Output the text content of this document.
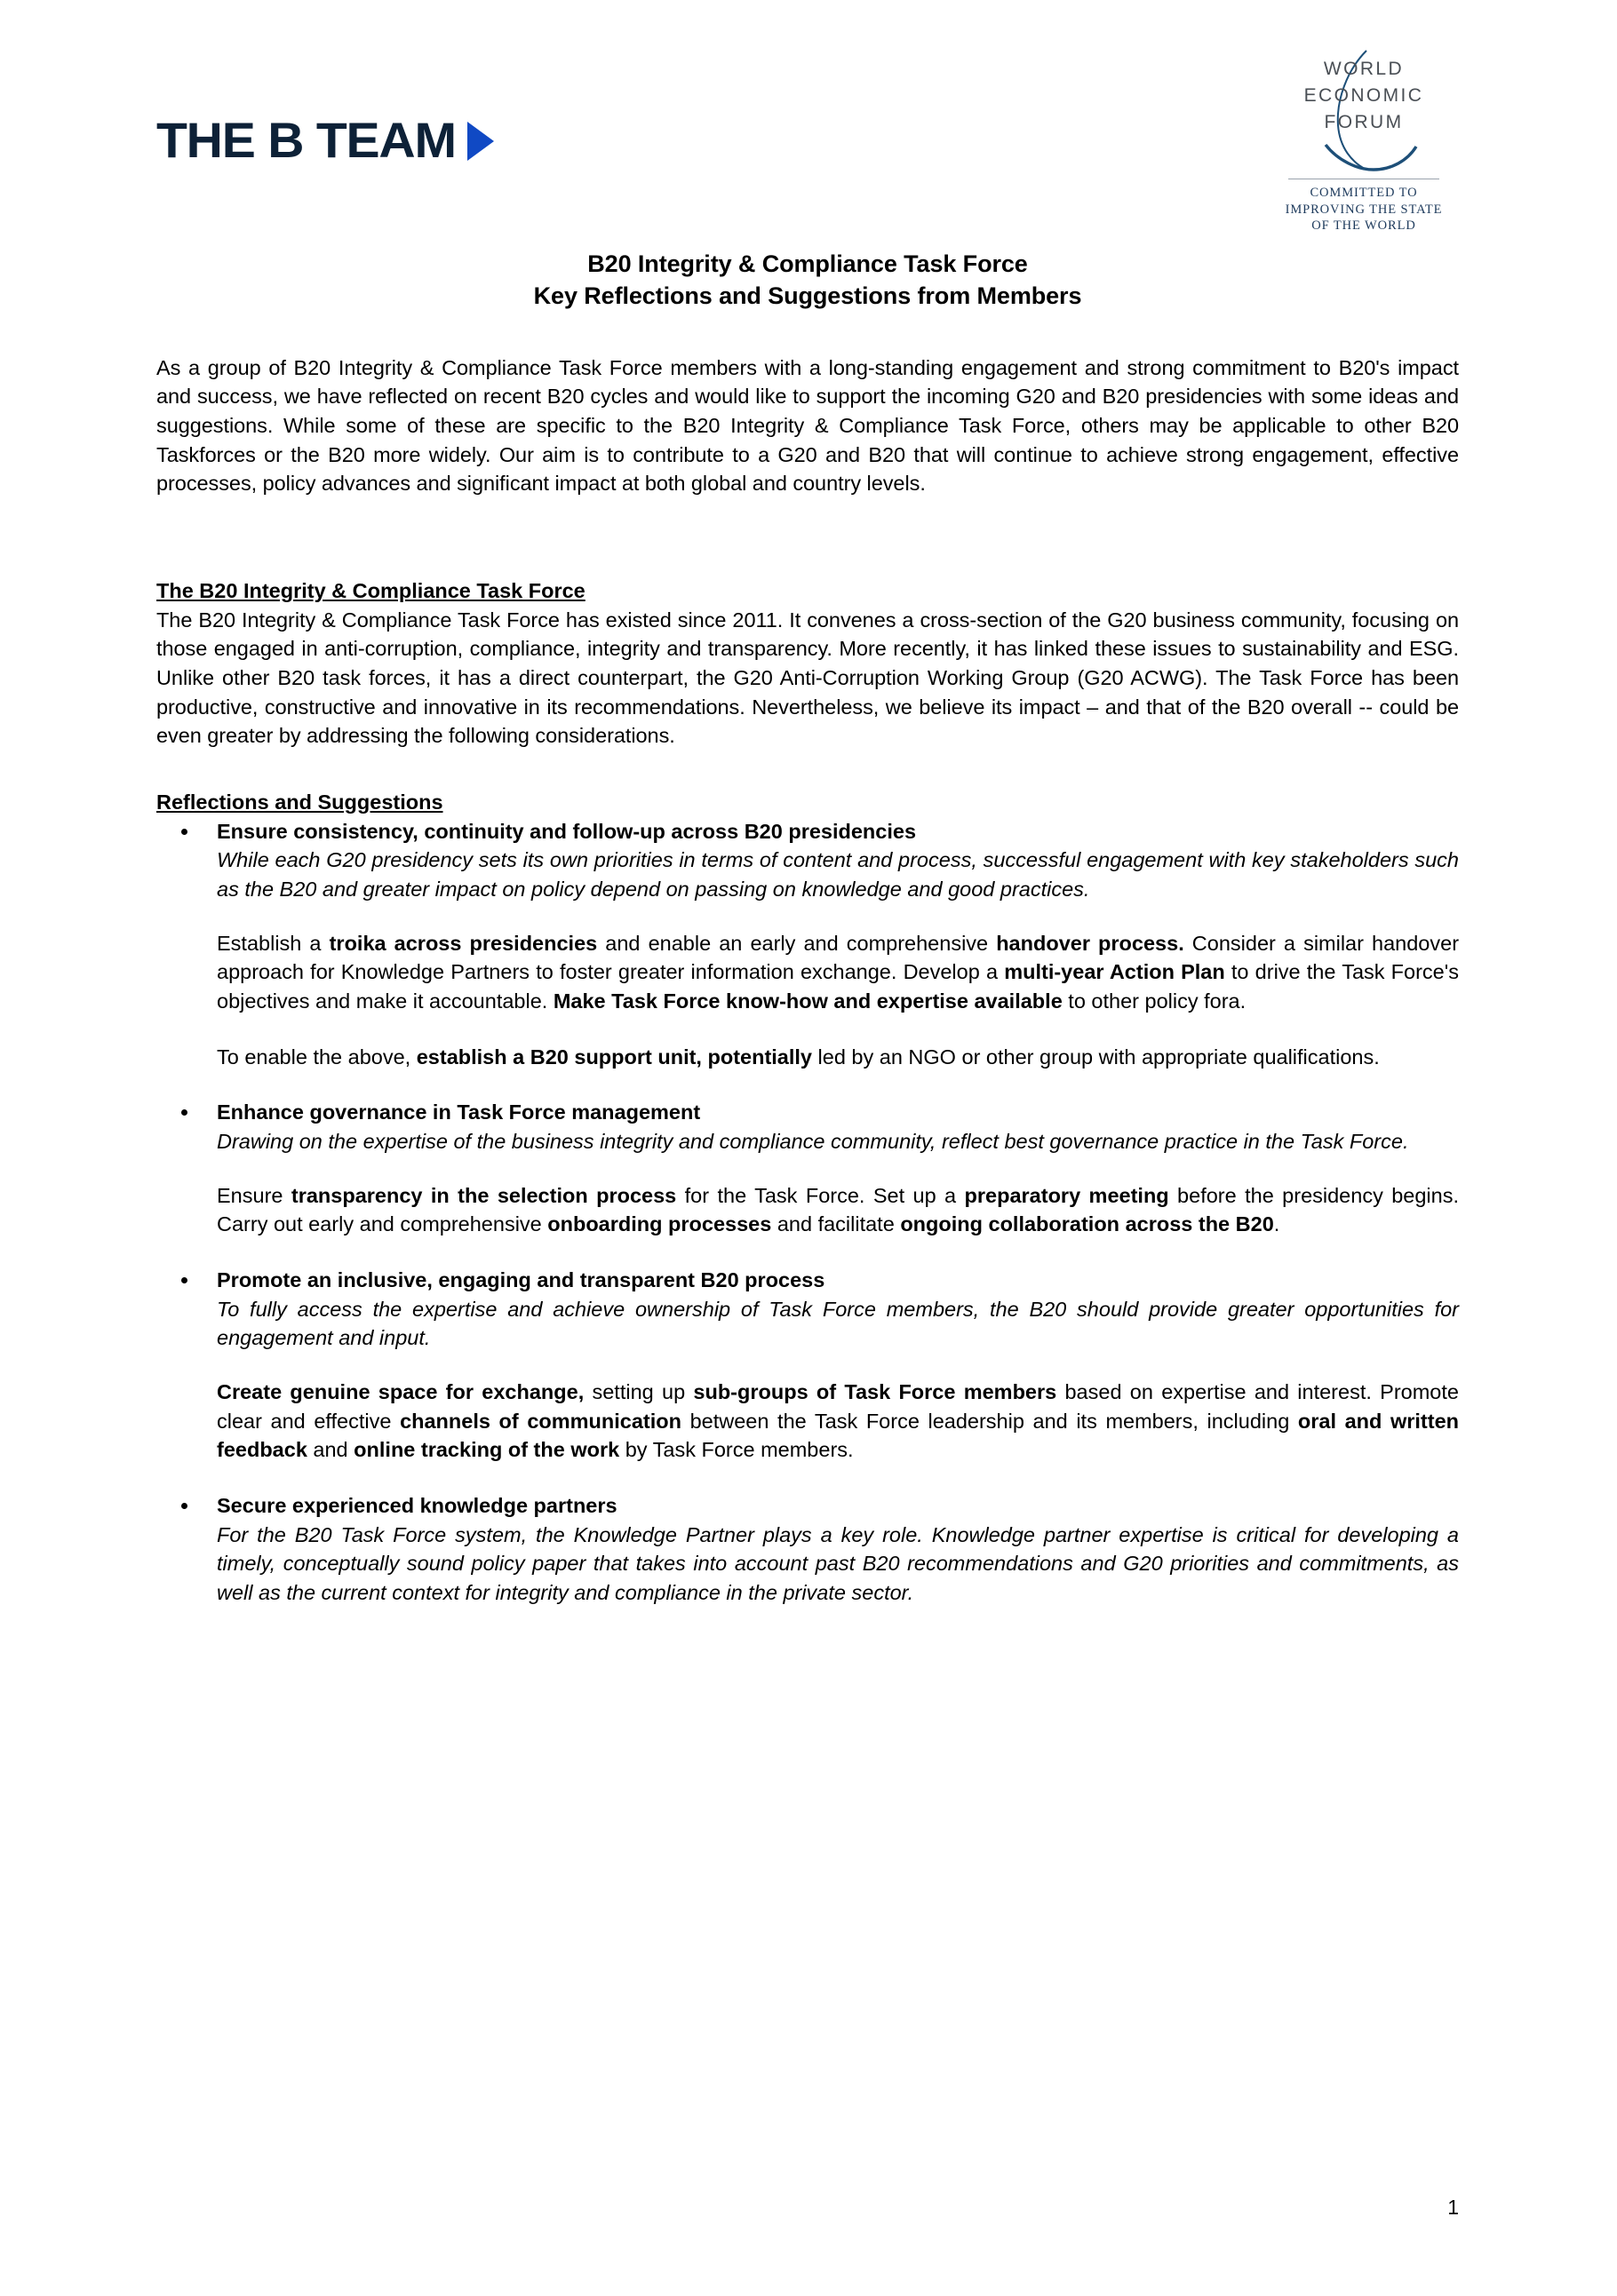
THE B TEAM
WORLD
ECONOMIC
FORUM
COMMITTED TO
IMPROVING THE STATE
OF THE WORLD
B20 Integrity & Compliance Task Force
Key Reflections and Suggestions from Members

As a group of B20 Integrity & Compliance Task Force members with a long-standing engagement and strong commitment to B20's impact and success, we have reflected on recent B20 cycles and would like to support the incoming G20 and B20 presidencies with some ideas and suggestions. While some of these are specific to the B20 Integrity & Compliance Task Force, others may be applicable to other B20 Taskforces or the B20 more widely. Our aim is to contribute to a G20 and B20 that will continue to achieve strong engagement, effective processes, policy advances and significant impact at both global and country levels.

The B20 Integrity & Compliance Task Force

The B20 Integrity & Compliance Task Force has existed since 2011. It convenes a cross-section of the G20 business community, focusing on those engaged in anti-corruption, compliance, integrity and transparency. More recently, it has linked these issues to sustainability and ESG. Unlike other B20 task forces, it has a direct counterpart, the G20 Anti-Corruption Working Group (G20 ACWG). The Task Force has been productive, constructive and innovative in its recommendations. Nevertheless, we believe its impact – and that of the B20 overall -- could be even greater by addressing the following considerations.

Reflections and Suggestions
Ensure consistency, continuity and follow-up across B20 presidencies
While each G20 presidency sets its own priorities in terms of content and process, successful engagement with key stakeholders such as the B20 and greater impact on policy depend on passing on knowledge and good practices.
Establish a troika across presidencies and enable an early and comprehensive handover process. Consider a similar handover approach for Knowledge Partners to foster greater information exchange. Develop a multi-year Action Plan to drive the Task Force's objectives and make it accountable. Make Task Force know-how and expertise available to other policy fora.
To enable the above, establish a B20 support unit, potentially led by an NGO or other group with appropriate qualifications.
Enhance governance in Task Force management
Drawing on the expertise of the business integrity and compliance community, reflect best governance practice in the Task Force.
Ensure transparency in the selection process for the Task Force. Set up a preparatory meeting before the presidency begins. Carry out early and comprehensive onboarding processes and facilitate ongoing collaboration across the B20.
Promote an inclusive, engaging and transparent B20 process
To fully access the expertise and achieve ownership of Task Force members, the B20 should provide greater opportunities for engagement and input.
Create genuine space for exchange, setting up sub-groups of Task Force members based on expertise and interest. Promote clear and effective channels of communication between the Task Force leadership and its members, including oral and written feedback and online tracking of the work by Task Force members.
Secure experienced knowledge partners
For the B20 Task Force system, the Knowledge Partner plays a key role. Knowledge partner expertise is critical for developing a timely, conceptually sound policy paper that takes into account past B20 recommendations and G20 priorities and commitments, as well as the current context for integrity and compliance in the private sector.
1
